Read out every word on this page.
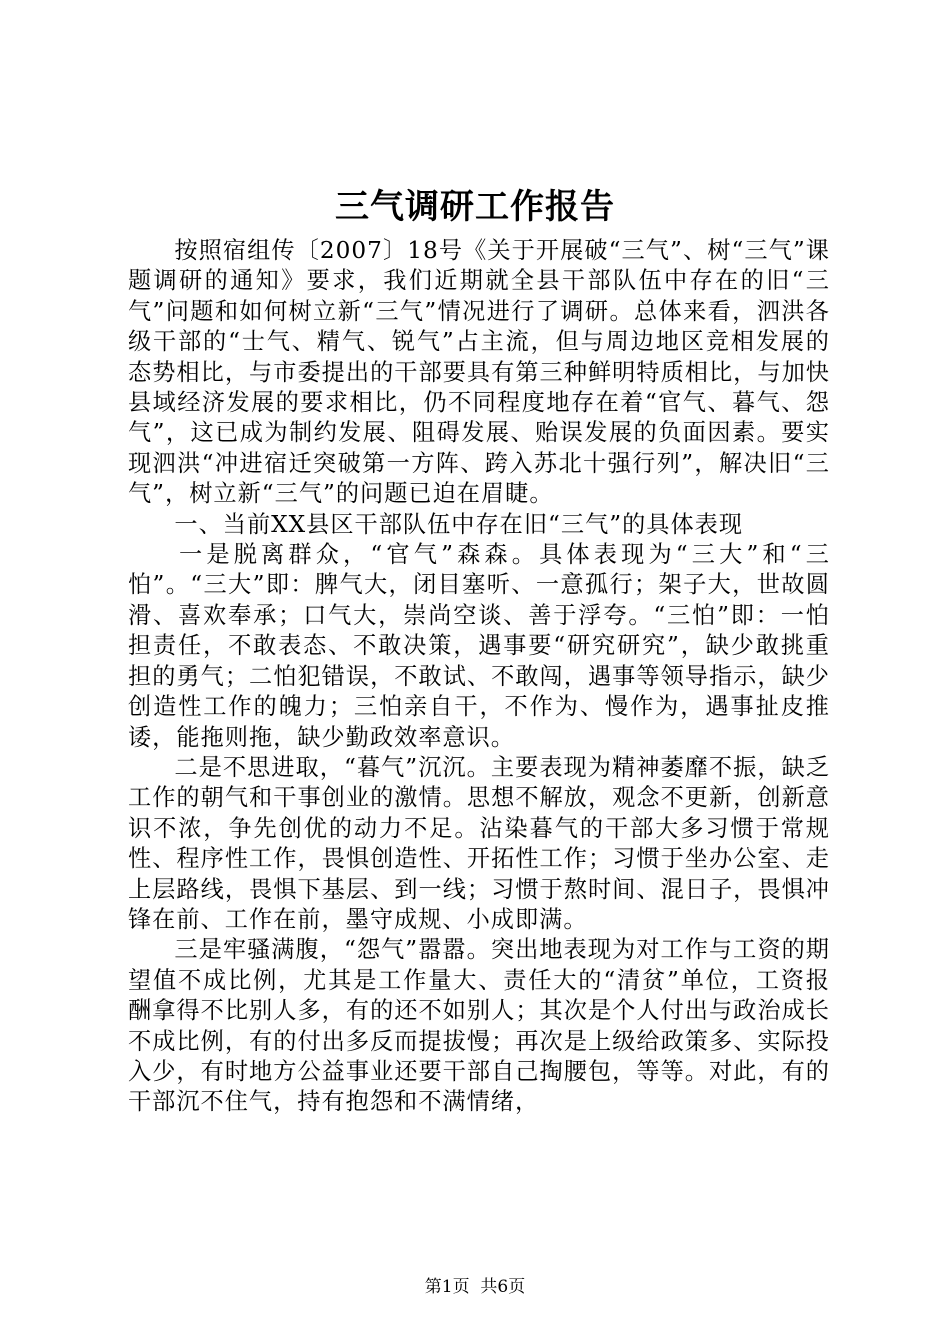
三气调研工作报告

按照宿组传〔2007〕18号《关于开展破“三气”、树“三气”课题调研的通知》要求，我们近期就全县干部队伍中存在的旧“三气”问题和如何树立新“三气”情况进行了调研。总体来看，泗洪各级干部的“士气、精气、锐气”占主流，但与周边地区竞相发展的态势相比，与市委提出的干部要具有第三种鲜明特质相比，与加快县域经济发展的要求相比，仍不同程度地存在着“官气、暮气、怨气”，这已成为制约发展、阻碍发展、贻误发展的负面因素。要实现泗洪“冲进宿迁突破第一方阵、跨入苏北十强行列”，解决旧“三气”，树立新“三气”的问题已迫在眉睫。

一、当前XX县区干部队伍中存在旧“三气”的具体表现

一是脱离群众，“官气”森森。具体表现为“三大”和“三怕”。“三大”即：脾气大，闭目塞听、一意孤行；架子大，世故圆滑、喜欢奉承；口气大，崇尚空谈、善于浮夸。“三怕”即：一怕担责任，不敢表态、不敢决策，遇事要“研究研究”，缺少敢挑重担的勇气；二怕犯错误，不敢试、不敢闯，遇事等领导指示，缺少创造性工作的魄力；三怕亲自干，不作为、慢作为，遇事扯皮推诿，能拖则拖，缺少勤政效率意识。

二是不思进取，“暮气”沉沉。主要表现为精神萎靡不振，缺乏工作的朝气和干事创业的激情。思想不解放，观念不更新，创新意识不浓，争先创优的动力不足。沾染暮气的干部大多习惯于常规性、程序性工作，畏惧创造性、开拓性工作；习惯于坐办公室、走上层路线，畏惧下基层、到一线；习惯于熬时间、混日子，畏惧冲锋在前、工作在前，墨守成规、小成即满。

三是牢骚满腹，“怨气”嚣嚣。突出地表现为对工作与工资的期望值不成比例，尤其是工作量大、责任大的“清贫”单位，工资报酬拿得不比别人多，有的还不如别人；其次是个人付出与政治成长不成比例，有的付出多反而提拔慢；再次是上级给政策多、实际投入少，有时地方公益事业还要干部自己掏腰包，等等。对此，有的干部沉不住气，持有抱怨和不满情绪，

第1页  共6页
